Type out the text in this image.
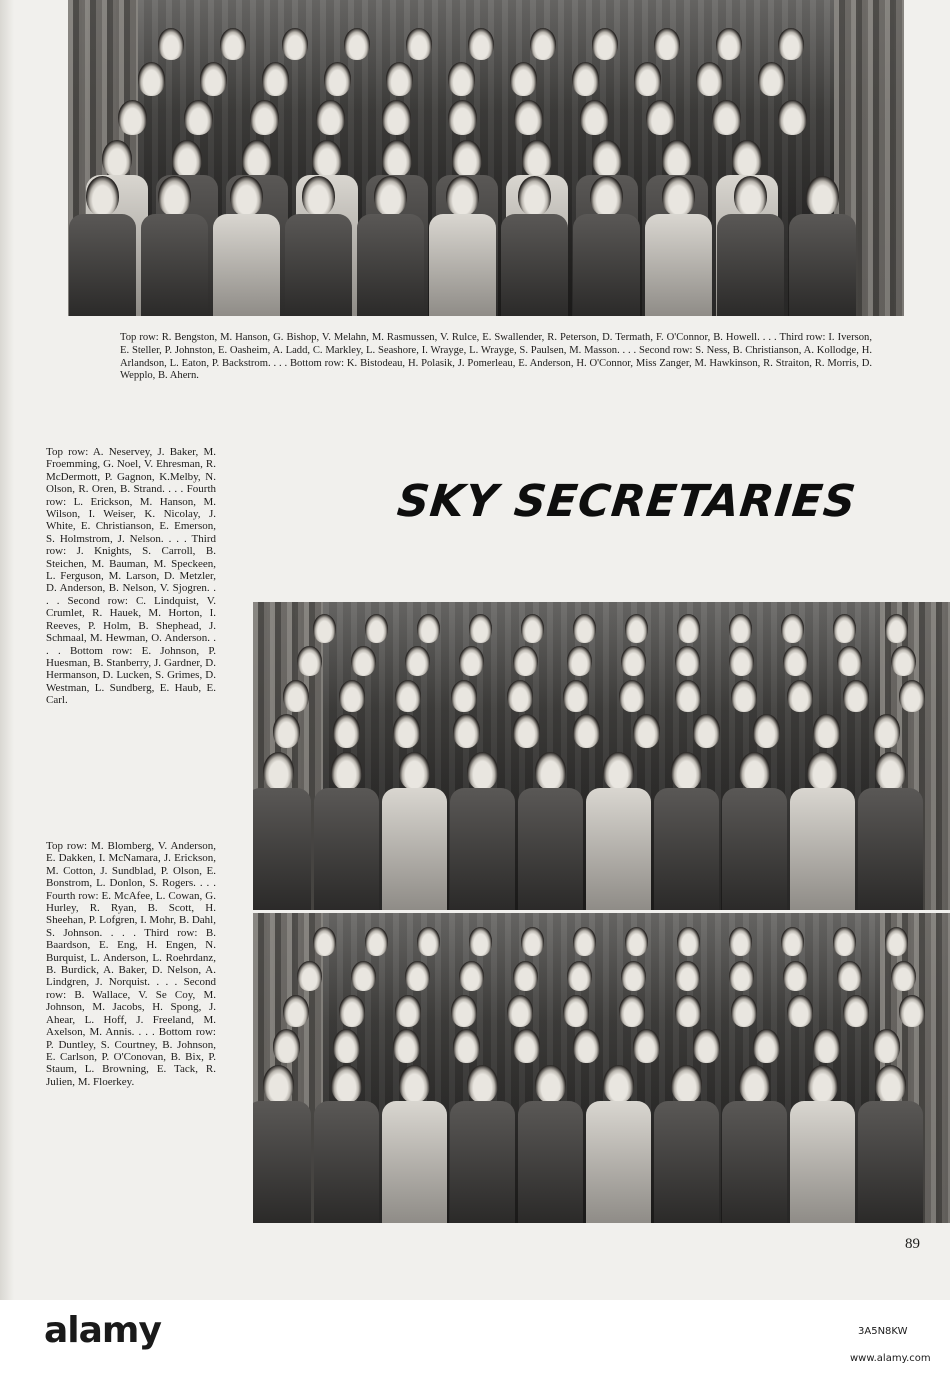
Top row: R. Bengston, M. Hanson, G. Bishop, V. Melahn, M. Rasmussen, V. Rulce, E. Swallender, R. Peterson, D. Termath, F. O'Connor, B. Howell. . . . Third row: I. Iverson, E. Steller, P. Johnston, E. Oasheim, A. Ladd, C. Markley, L. Seashore, I. Wrayge, L. Wrayge, S. Paulsen, M. Masson. . . . Second row: S. Ness, B. Christianson, A. Kollodge, H. Arlandson, L. Eaton, P. Backstrom. . . . Bottom row: K. Bistodeau, H. Polasik, J. Pomerleau, E. Anderson, H. O'Connor, Miss Zanger, M. Hawkinson, R. Straiton, R. Morris, D. Wepplo, B. Ahern.
Top row: A. Neservey, J. Baker, M. Froemming, G. Noel, V. Ehresman, R. McDermott, P. Gagnon, K.Melby, N. Olson, R. Oren, B. Strand. . . . Fourth row: L. Erickson, M. Hanson, M. Wilson, I. Weiser, K. Nicolay, J. White, E. Christianson, E. Emerson, S. Holmstrom, J. Nelson. . . . Third row: J. Knights, S. Carroll, B. Steichen, M. Bauman, M. Speckeen, L. Ferguson, M. Larson, D. Metzler, D. Anderson, B. Nelson, V. Sjogren. . . . Second row: C. Lindquist, V. Crumlet, R. Hauek, M. Horton, I. Reeves, P. Holm, B. Shephead, J. Schmaal, M. Hewman, O. Anderson. . . . Bottom row: E. Johnson, P. Huesman, B. Stanberry, J. Gardner, D. Hermanson, D. Lucken, S. Grimes, D. Westman, L. Sundberg, E. Haub, E. Carl.
SKY SECRETARIES
Top row: M. Blomberg, V. Anderson, E. Dakken, I. McNamara, J. Erickson, M. Cotton, J. Sundblad, P. Olson, E. Bonstrom, L. Donlon, S. Rogers. . . . Fourth row: E. McAfee, L. Cowan, G. Hurley, R. Ryan, B. Scott, H. Sheehan, P. Lofgren, I. Mohr, B. Dahl, S. Johnson. . . . Third row: B. Baardson, E. Eng, H. Engen, N. Burquist, L. Anderson, L. Roehrdanz, B. Burdick, A. Baker, D. Nelson, A. Lindgren, J. Norquist. . . . Second row: B. Wallace, V. Se Coy, M. Johnson, M. Jacobs, H. Spong, J. Ahear, L. Hoff, J. Freeland, M. Axelson, M. Annis. . . . Bottom row: P. Duntley, S. Courtney, B. Johnson, E. Carlson, P. O'Conovan, B. Bix, P. Staum, L. Browning, E. Tack, R. Julien, M. Floerkey.
89
alamy	3A5N8KW
www.alamy.com
